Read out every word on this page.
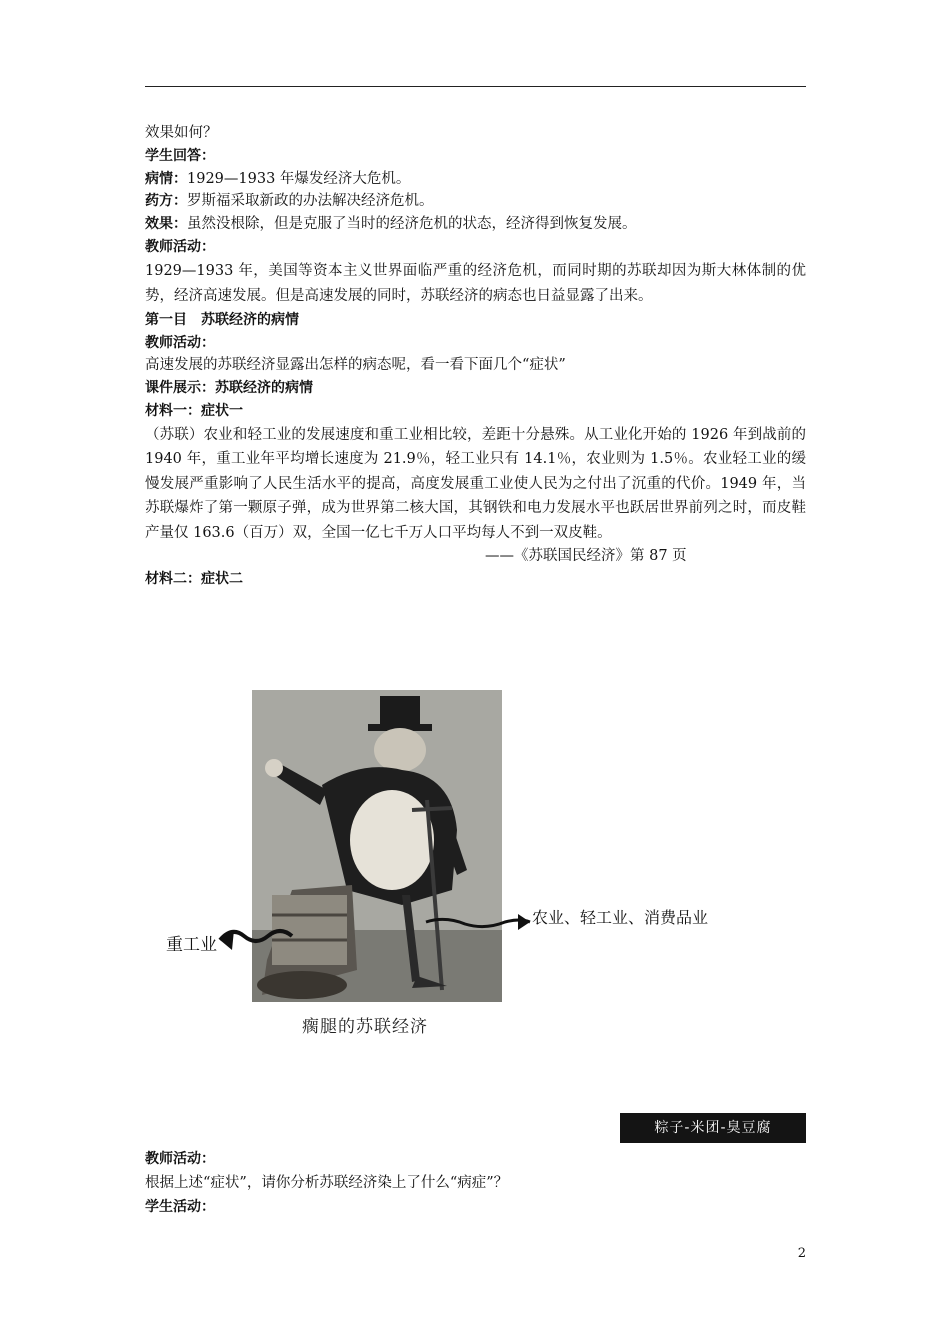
效果如何？

学生回答：

病情：1929—1933 年爆发经济大危机。

药方：罗斯福采取新政的办法解决经济危机。

效果：虽然没根除，但是克服了当时的经济危机的状态，经济得到恢复发展。

教师活动：

1929—1933 年，美国等资本主义世界面临严重的经济危机，而同时期的苏联却因为斯大林体制的优势，经济高速发展。但是高速发展的同时，苏联经济的病态也日益显露了出来。

第一目 苏联经济的病情

教师活动：

高速发展的苏联经济显露出怎样的病态呢，看一看下面几个“症状”

课件展示：苏联经济的病情

材料一：症状一

（苏联）农业和轻工业的发展速度和重工业相比较，差距十分悬殊。从工业化开始的 1926 年到战前的 1940 年，重工业年平均增长速度为 21.9％，轻工业只有 14.1％，农业则为 1.5％。农业轻工业的缓慢发展严重影响了人民生活水平的提高，高度发展重工业使人民为之付出了沉重的代价。1949 年，当苏联爆炸了第一颗原子弹，成为世界第二核大国，其钢铁和电力发展水平也跃居世界前列之时，而皮鞋产量仅 163.6（百万）双，全国一亿七千万人口平均每人不到一双皮鞋。

——《苏联国民经济》第 87 页

材料二：症状二

重工业
农业、轻工业、消费品业
瘸腿的苏联经济
粽子-米团-臭豆腐

教师活动：

根据上述“症状”，请你分析苏联经济染上了什么“病症”？

学生活动：

2
